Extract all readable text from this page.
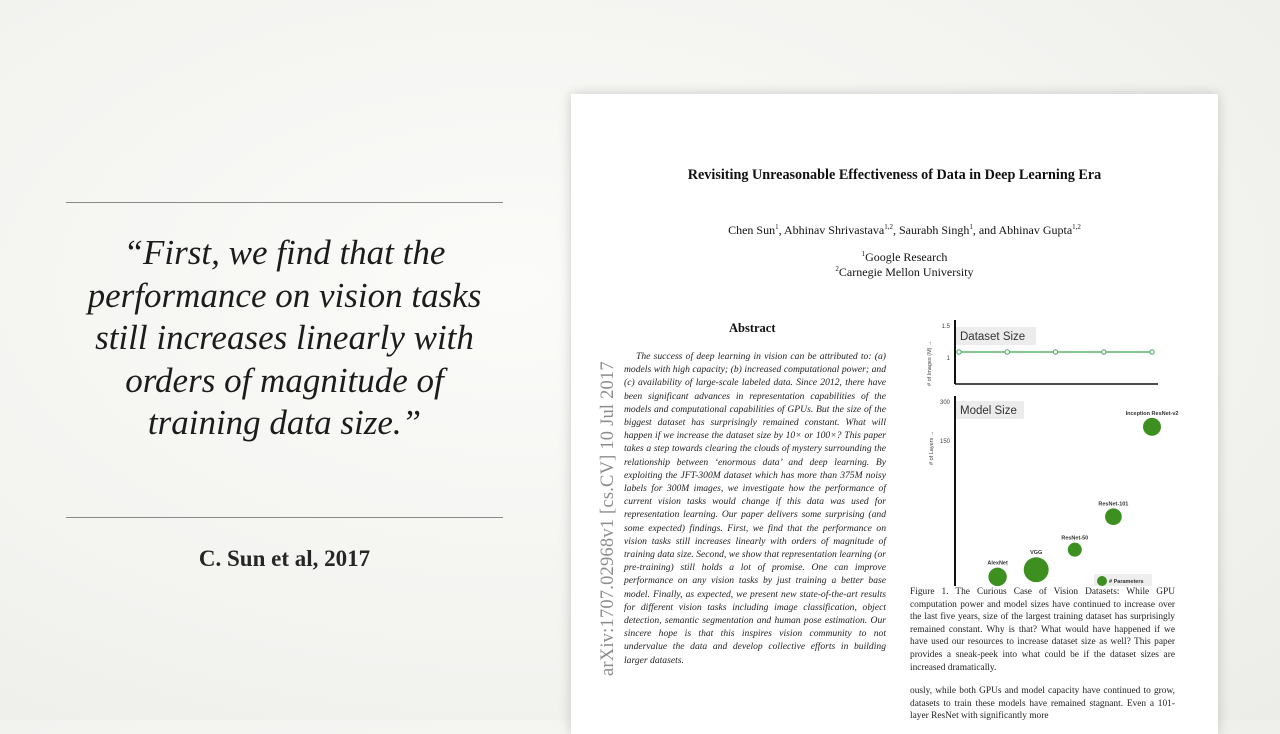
“First, we find that the performance on vision tasks still increases linearly with orders of magnitude of training data size.”

C. Sun et al, 2017

Revisiting Unreasonable Effectiveness of Data in Deep Learning Era
Chen Sun$^1$, Abhinav Shrivastava$^{1,2}$, Saurabh Singh$^1$, and Abhinav Gupta$^{1,2}$
$^1$Google Research
$^2$Carnegie Mellon University
arXiv:1707.02968v1 [cs.CV] 10 Jul 2017
Abstract

The success of deep learning in vision can be attributed to: (a) models with high capacity; (b) increased computational power; and (c) availability of large-scale labeled data. Since 2012, there have been significant advances in representation capabilities of the models and computational capabilities of GPUs. But the size of the biggest dataset has surprisingly remained constant. What will happen if we increase the dataset size by 10× or 100×? This paper takes a step towards clearing the clouds of mystery surrounding the relationship between ‘enormous data’ and deep learning. By exploiting the JFT-300M dataset which has more than 375M noisy labels for 300M images, we investigate how the performance of current vision tasks would change if this data was used for representation learning. Our paper delivers some surprising (and some expected) findings. First, we find that the performance on vision tasks still increases linearly with orders of magnitude of training data size. Second, we show that representation learning (or pre-training) still holds a lot of promise. One can improve performance on any vision tasks by just training a better base model. Finally, as expected, we present new state-of-the-art results for different vision tasks including image classification, object detection, semantic segmentation and human pose estimation. Our sincere hope is that this inspires vision community to not undervalue the data and develop collective efforts in building larger datasets.

Dataset Size
# of Images (M) →
1.5
1
Model Size
# of Layers →
300
150
AlexNet
VGG
ResNet-50
ResNet-101
Inception ResNet-v2
# Parameters

Figure 1. The Curious Case of Vision Datasets: While GPU computation power and model sizes have continued to increase over the last five years, size of the largest training dataset has surprisingly remained constant. Why is that? What would have happened if we have used our resources to increase dataset size as well? This paper provides a sneak-peek into what could be if the dataset sizes are increased dramatically.

ously, while both GPUs and model capacity have continued to grow, datasets to train these models have remained stagnant. Even a 101-layer ResNet with significantly more
